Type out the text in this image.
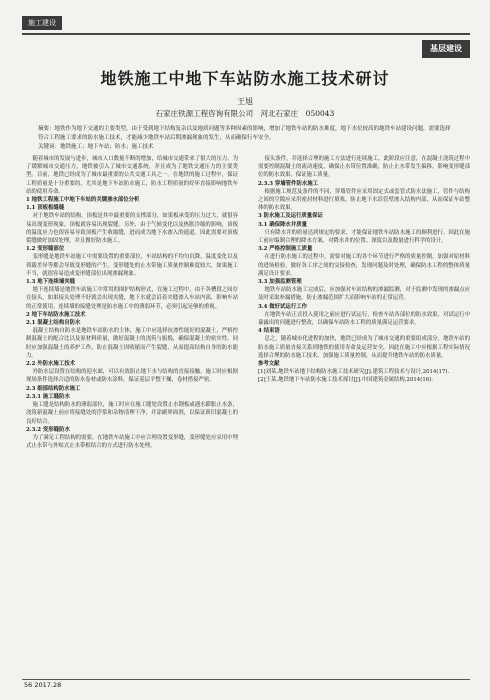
施工建设
基层建设
地铁施工中地下车站防水施工技术研讨
王旭
石家庄铁源工程咨询有限公司　河北石家庄　050043
摘要：地铁作为地下交通的主要类型，由于受到地下结构复杂以及地质问题等多种因素的影响，增加了地铁车站的防水难度。地下水位较高的地铁车站建设问题，需要选择符合工程施工要求的防水施工技术，才能减少地铁车站后期渗漏现象的发生，从而确保行车安全。
关键词：地铁施工；地下车站；防水；施工技术

随着城市的发展与进步，城市人口数量不断的增加，给城市交通带来了很大的压力。为了缓解城市交通压力，地铁被引入了城市交通系统，并且成为了地铁交通压力的主要类型。目前，地铁已经成为了城市最重要的公共交通工具之一。在地铁的施工过程中，保证工程质量是十分重要的，尤其是地下车站防水施工，防水工程质量的好坏直接影响地铁车站的使用寿命。

1 地铁工程施工中地下车站的关键渗水部位分析

1.1 顶板板缝缝

对于地铁车站的结构，顶板是其中最重要的支撑部分，如果板承受的压力过大，就很容易出现变形现象，顶板就容易出现裂缝。另外，由于气候变化以及热胀冷缩的影响，顶板的温度应力也很容易导致顶板产生收缩缝，进而成为地下水渗入的通道。因此需要对顶板裂缝做好加固处理，并且做好防水施工。

1.2 变形缝部位

变形缝是地铁车站施工中需要设置的重要部位，车站结构的不均匀沉降、温度变化以及荷载差异等都会导致变形缝的产生。变形缝处的止水带施工质量控制难度较大，如果施工不当，就很容易造成变形缝部位出现渗漏现象。

1.3 地下连续墙夹缝

地下连续墙是地铁车站施工中常用的围护结构形式，在施工过程中，由于各槽段之间存在接头，如果接头处理不好就会出现夹缝，地下水就会沿着夹缝渗入车站内部，影响车站的正常使用。连续墙的接缝处理是防水施工中的薄弱环节，必须引起足够的重视。

2 地下车站防水施工技术

2.1 混凝土结构自防水

混凝土结构自防水是地铁车站防水的主体，施工中应选择抗渗性能好的混凝土，严格控制混凝土的配合比以及原材料质量，做好混凝土的浇筑与振捣，确保混凝土的密实性。同时应加强混凝土的养护工作，防止混凝土因收缩而产生裂缝，从而提高结构自身的防水能力。

2.2 外防水施工技术

外防水层设置在结构的迎水面，可以有效阻止地下水与结构的直接接触。施工时应根据现场条件选择合适的防水卷材或防水涂料，保证基层平整干燥，卷材搭接严密。

2.3 细部结构防水施工

2.3.1 施工缝防水

施工缝是结构防水的薄弱部位，施工时应在施工缝处设置止水钢板或遇水膨胀止水条，浇筑新混凝土前应将接缝处的浮浆和杂物清理干净，并涂刷界面剂，以保证新旧混凝土的良好结合。

2.3.2 变形缝防水

为了满足工程结构的需要，在地铁车站施工中应合理设置变形缝，变形缝处应采用中埋式止水带与外贴式止水带相结合的方式进行防水处理。

接头条件，并选择合理的施工方法进行连续施工，此阶段应注意，在混凝土浇筑过程中需要控制混凝土的流动速度，确保止水带位置准确，防止止水带发生偏移，影响变形缝部位的防水效果，保证施工质量。

2.3.3 穿墙管件防水施工

根据施工规范及条件的不同，穿墙管件应采用固定式或套管式防水法施工，管件与结构之间的空隙应采用密封材料进行填塞，防止地下水沿管壁渗入结构内部，从而保证车站整体的防水效果。

3 防水施工及运行质量保证

3.1 确保降水井质量

只有降水井的质量达到规定的要求，才能保证地铁车站防水施工的顺利进行。因此在施工前应编制合理的降水方案，对降水井的位置、深度以及数量进行科学的设计。

3.2 严格控制施工质量

在进行防水施工的过程中，需要对施工的各个环节进行严格的质量控制，加强对原材料的进场检验，做好各工序之间的交接检查，发现问题及时处理，确保防水工程的整体质量满足设计要求。

3.3 加强监测管理

地铁车站防水施工完成后，应加强对车站结构的渗漏监测，对于监测中发现的渗漏点应及时采取补漏措施，防止渗漏范围扩大而影响车站的正常运营。

3.4 做好试运行工作

在地铁车站正式投入使用之前应进行试运行，检查车站各部位的防水效果，对试运行中暴露出的问题进行整改，以确保车站防水工程的质量满足运营要求。

4 结束语

总之，随着城市化进程的加快，地铁已经成为了城市交通的重要组成部分。地铁车站的防水施工质量直接关系到地铁的使用寿命及运营安全，因此在施工中应根据工程实际情况选择合理的防水施工技术，加强施工质量控制，从而提升地铁车站的防水质量。

参考文献

[1]刘某.地铁车站地下结构防水施工技术研究[J].建筑工程技术与设计,2014(17).

[2]王某.地铁地下车站防水施工技术探讨[J].中国建筑金属结构,2014(16).

56 2017.28
